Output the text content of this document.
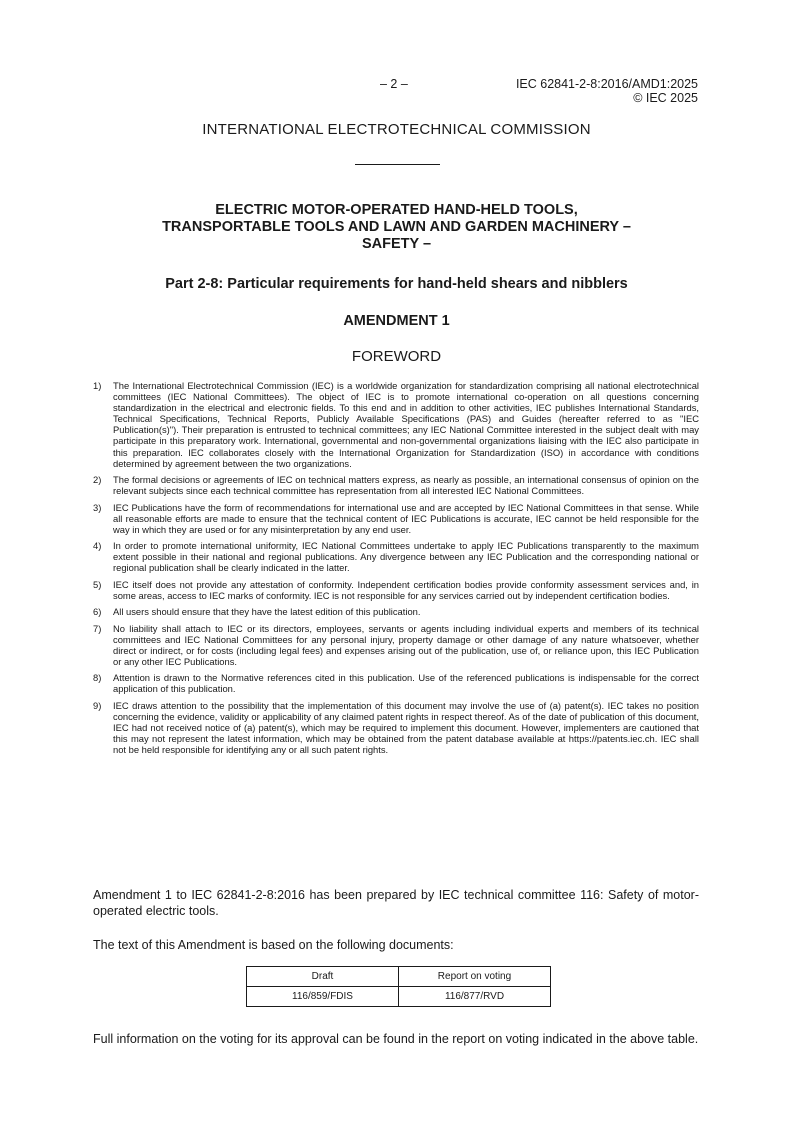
– 2 –	IEC 62841-2-8:2016/AMD1:2025
© IEC 2025
INTERNATIONAL ELECTROTECHNICAL COMMISSION
ELECTRIC MOTOR-OPERATED HAND-HELD TOOLS,
TRANSPORTABLE TOOLS AND LAWN AND GARDEN MACHINERY –
SAFETY –
Part 2-8: Particular requirements for hand-held shears and nibblers
AMENDMENT 1
FOREWORD
1)	The International Electrotechnical Commission (IEC) is a worldwide organization for standardization comprising all national electrotechnical committees (IEC National Committees). The object of IEC is to promote international co-operation on all questions concerning standardization in the electrical and electronic fields. To this end and in addition to other activities, IEC publishes International Standards, Technical Specifications, Technical Reports, Publicly Available Specifications (PAS) and Guides (hereafter referred to as "IEC Publication(s)"). Their preparation is entrusted to technical committees; any IEC National Committee interested in the subject dealt with may participate in this preparatory work. International, governmental and non-governmental organizations liaising with the IEC also participate in this preparation. IEC collaborates closely with the International Organization for Standardization (ISO) in accordance with conditions determined by agreement between the two organizations.
2)	The formal decisions or agreements of IEC on technical matters express, as nearly as possible, an international consensus of opinion on the relevant subjects since each technical committee has representation from all interested IEC National Committees.
3)	IEC Publications have the form of recommendations for international use and are accepted by IEC National Committees in that sense. While all reasonable efforts are made to ensure that the technical content of IEC Publications is accurate, IEC cannot be held responsible for the way in which they are used or for any misinterpretation by any end user.
4)	In order to promote international uniformity, IEC National Committees undertake to apply IEC Publications transparently to the maximum extent possible in their national and regional publications. Any divergence between any IEC Publication and the corresponding national or regional publication shall be clearly indicated in the latter.
5)	IEC itself does not provide any attestation of conformity. Independent certification bodies provide conformity assessment services and, in some areas, access to IEC marks of conformity. IEC is not responsible for any services carried out by independent certification bodies.
6)	All users should ensure that they have the latest edition of this publication.
7)	No liability shall attach to IEC or its directors, employees, servants or agents including individual experts and members of its technical committees and IEC National Committees for any personal injury, property damage or other damage of any nature whatsoever, whether direct or indirect, or for costs (including legal fees) and expenses arising out of the publication, use of, or reliance upon, this IEC Publication or any other IEC Publications.
8)	Attention is drawn to the Normative references cited in this publication. Use of the referenced publications is indispensable for the correct application of this publication.
9)	IEC draws attention to the possibility that the implementation of this document may involve the use of (a) patent(s). IEC takes no position concerning the evidence, validity or applicability of any claimed patent rights in respect thereof. As of the date of publication of this document, IEC had not received notice of (a) patent(s), which may be required to implement this document. However, implementers are cautioned that this may not represent the latest information, which may be obtained from the patent database available at https://patents.iec.ch. IEC shall not be held responsible for identifying any or all such patent rights.

Amendment 1 to IEC 62841-2-8:2016 has been prepared by IEC technical committee 116: Safety of motor-operated electric tools.

The text of this Amendment is based on the following documents:

Draft	Report on voting
116/859/FDIS	116/877/RVD

Full information on the voting for its approval can be found in the report on voting indicated in the above table.
